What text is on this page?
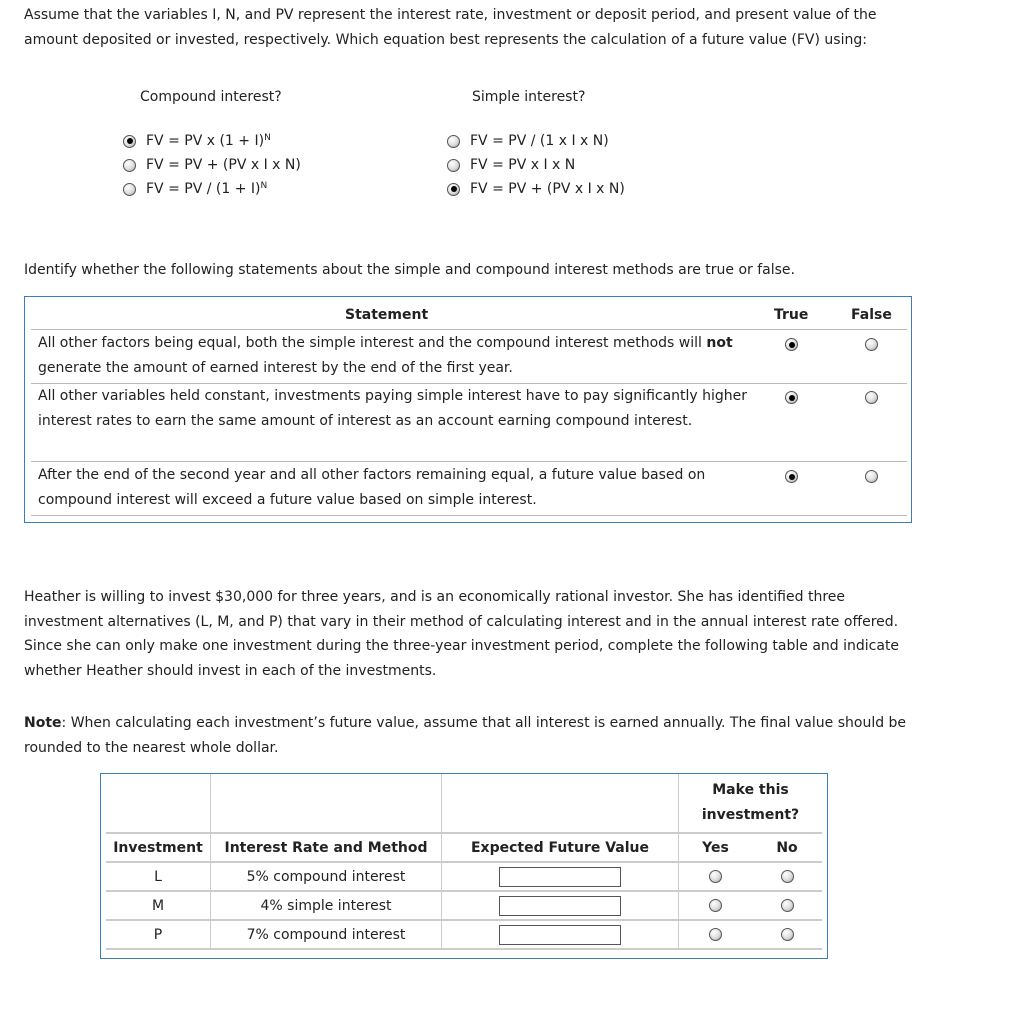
Assume that the variables I, N, and PV represent the interest rate, investment or deposit period, and present value of the amount deposited or invested, respectively. Which equation best represents the calculation of a future value (FV) using:

Compound interest?	Simple interest?
FV = PV x $(1 + I)^N$
FV = PV + (PV x I x N)
FV = PV / $(1 + I)^N$
FV = PV / (1 x I x N)
FV = PV x I x N
FV = PV + (PV x I x N)

Identify whether the following statements about the simple and compound interest methods are true or false.

Statement	True	False
All other factors being equal, both the simple interest and the compound interest methods will not generate the amount of earned interest by the end of the first year.
All other variables held constant, investments paying simple interest have to pay significantly higher interest rates to earn the same amount of interest as an account earning compound interest.
After the end of the second year and all other factors remaining equal, a future value based on compound interest will exceed a future value based on simple interest.

Heather is willing to invest $30,000 for three years, and is an economically rational investor. She has identified three investment alternatives (L, M, and P) that vary in their method of calculating interest and in the annual interest rate offered. Since she can only make one investment during the three-year investment period, complete the following table and indicate whether Heather should invest in each of the investments.

Note: When calculating each investment’s future value, assume that all interest is earned annually. The final value should be rounded to the nearest whole dollar.

			Make this investment?	
Investment	Interest Rate and Method	Expected Future Value	Yes	No
L	5% compound interest			
M	4% simple interest			
P	7% compound interest			
